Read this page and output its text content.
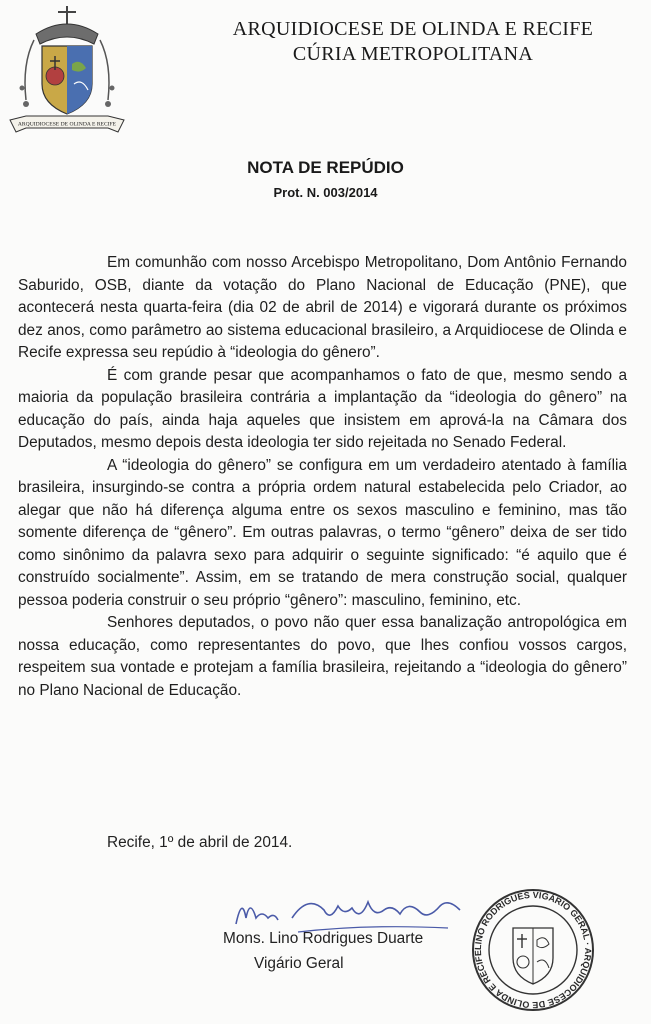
ARQUIDIOCESE DE OLINDA E RECIFE
ARQUIDIOCESE DE OLINDA E RECIFE
CÚRIA METROPOLITANA
NOTA DE REPÚDIO
Prot. N. 003/2014

Em comunhão com nosso Arcebispo Metropolitano, Dom Antônio Fernando Saburido, OSB, diante da votação do Plano Nacional de Educação (PNE), que acontecerá nesta quarta-feira (dia 02 de abril de 2014) e vigorará durante os próximos dez anos, como parâmetro ao sistema educacional brasileiro, a Arquidiocese de Olinda e Recife expressa seu repúdio à “ideologia do gênero”.

É com grande pesar que acompanhamos o fato de que, mesmo sendo a maioria da população brasileira contrária a implantação da “ideologia do gênero” na educação do país, ainda haja aqueles que insistem em aprová-la na Câmara dos Deputados, mesmo depois desta ideologia ter sido rejeitada no Senado Federal.

A “ideologia do gênero” se configura em um verdadeiro atentado à família brasileira, insurgindo-se contra a própria ordem natural estabelecida pelo Criador, ao alegar que não há diferença alguma entre os sexos masculino e feminino, mas tão somente diferença de “gênero”. Em outras palavras, o termo “gênero” deixa de ser tido como sinônimo da palavra sexo para adquirir o seguinte significado: “é aquilo que é construído socialmente”. Assim, em se tratando de mera construção social, qualquer pessoa poderia construir o seu próprio “gênero”: masculino, feminino, etc.

Senhores deputados, o povo não quer essa banalização antropológica em nossa educação, como representantes do povo, que lhes confiou vossos cargos, respeitem sua vontade e protejam a família brasileira, rejeitando a “ideologia do gênero” no Plano Nacional de Educação.

Recife, 1º de abril de 2014.
Mons. Lino Rodrigues Duarte
Vigário Geral
LINO RODRIGUES VIGÁRIO GERAL · ARQUIDIOCESE DE OLINDA E RECIFE
